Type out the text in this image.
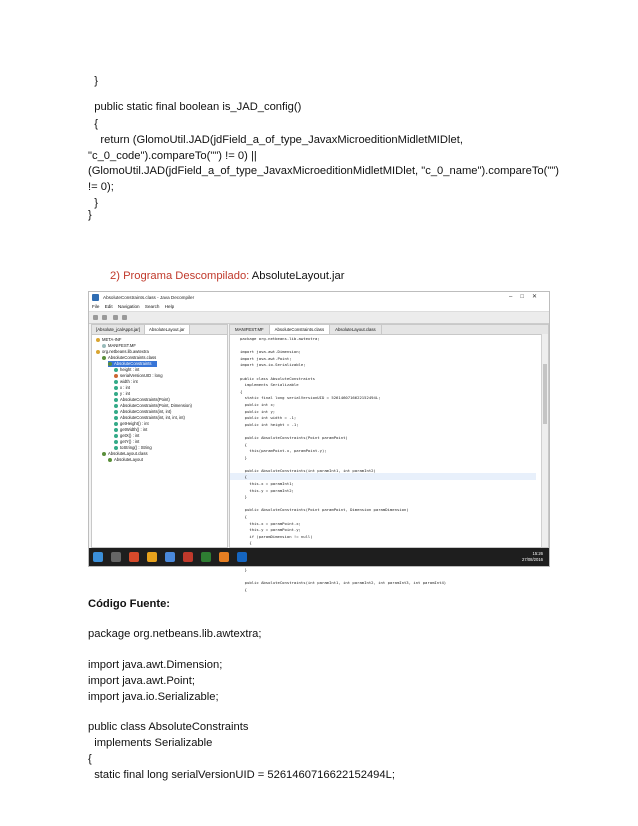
}
public static final boolean is_JAD_config()
{
return (GlomoUtil.JAD(jdField_a_of_type_JavaxMicroeditionMidletMIDlet,
"c_0_code").compareTo("") != 0) ||
(GlomoUtil.JAD(jdField_a_of_type_JavaxMicroeditionMidletMIDlet, "c_0_name").compareTo("")
!= 0);
}
}
2) Programa Descompilado: AbsoluteLayout.jar
AbsoluteConstraints.class - Java Decompiler	–□✕
File Edit Navigation Search Help
[Absolute_jcalApp4.jar] AbsoluteLayout.jar
META-INF
MANIFEST.MF
org.netbeans.lib.awtextra
AbsoluteConstraints.class
AbsoluteConstraints
height : int
serialVersionUID : long
width : int
x : int
y : int
AbsoluteConstraints(Point)
AbsoluteConstraints(Point, Dimension)
AbsoluteConstraints(int, int)
AbsoluteConstraints(int, int, int, int)
getHeight() : int
getWidth() : int
getX() : int
getY() : int
toString() : String
AbsoluteLayout.class
AbsoluteLayout
MANIFEST.MF	AbsoluteConstraints.class	AbsoluteLayout.class
package org.netbeans.lib.awtextra;

import java.awt.Dimension;
import java.awt.Point;
import java.io.Serializable;

public class AbsoluteConstraints
implements Serializable
{
static final long serialVersionUID = 5261460716622152494L;
public int x;
public int y;
public int width = -1;
public int height = -1;

public AbsoluteConstraints(Point paramPoint)
{
this(paramPoint.x, paramPoint.y);
}

public AbsoluteConstraints(int paramInt1, int paramInt2)
{
this.x = paramInt1;
this.y = paramInt2;
}

public AbsoluteConstraints(Point paramPoint, Dimension paramDimension)
{
this.x = paramPoint.x;
this.y = paramPoint.y;
if (paramDimension != null)
{
}

public AbsoluteConstraints(int paramInt1, int paramInt2, int paramInt3, int paramInt4)
{
15:26
27/08/2016
Código Fuente:
package org.netbeans.lib.awtextra;
import java.awt.Dimension;
import java.awt.Point;
import java.io.Serializable;
public class AbsoluteConstraints
implements Serializable
{
static final long serialVersionUID = 5261460716622152494L;
